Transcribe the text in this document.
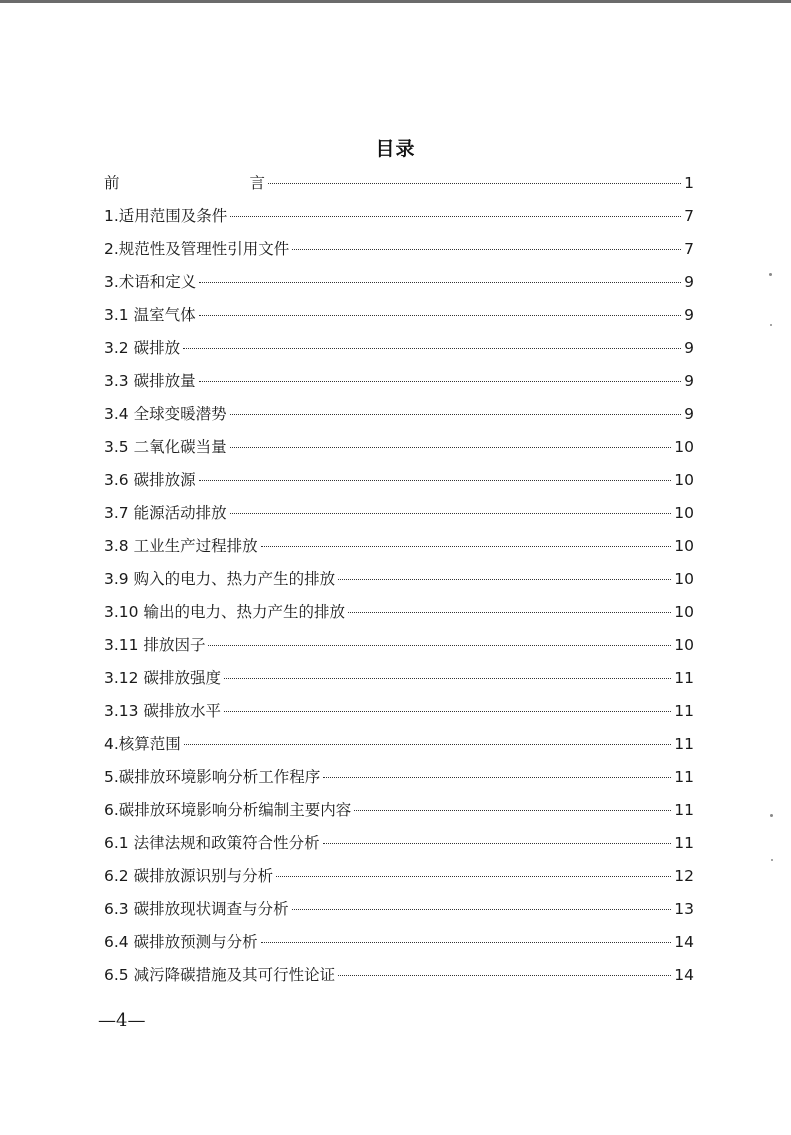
目录
前 言	1
1.适用范围及条件	7
2.规范性及管理性引用文件	7
3.术语和定义	9
3.1 温室气体	9
3.2 碳排放	9
3.3 碳排放量	9
3.4 全球变暖潜势	9
3.5 二氧化碳当量	10
3.6 碳排放源	10
3.7 能源活动排放	10
3.8 工业生产过程排放	10
3.9 购入的电力、热力产生的排放	10
3.10 输出的电力、热力产生的排放	10
3.11 排放因子	10
3.12 碳排放强度	11
3.13 碳排放水平	11
4.核算范围	11
5.碳排放环境影响分析工作程序	11
6.碳排放环境影响分析编制主要内容	11
6.1 法律法规和政策符合性分析	11
6.2 碳排放源识别与分析	12
6.3 碳排放现状调查与分析	13
6.4 碳排放预测与分析	14
6.5 减污降碳措施及其可行性论证	14
—4—
